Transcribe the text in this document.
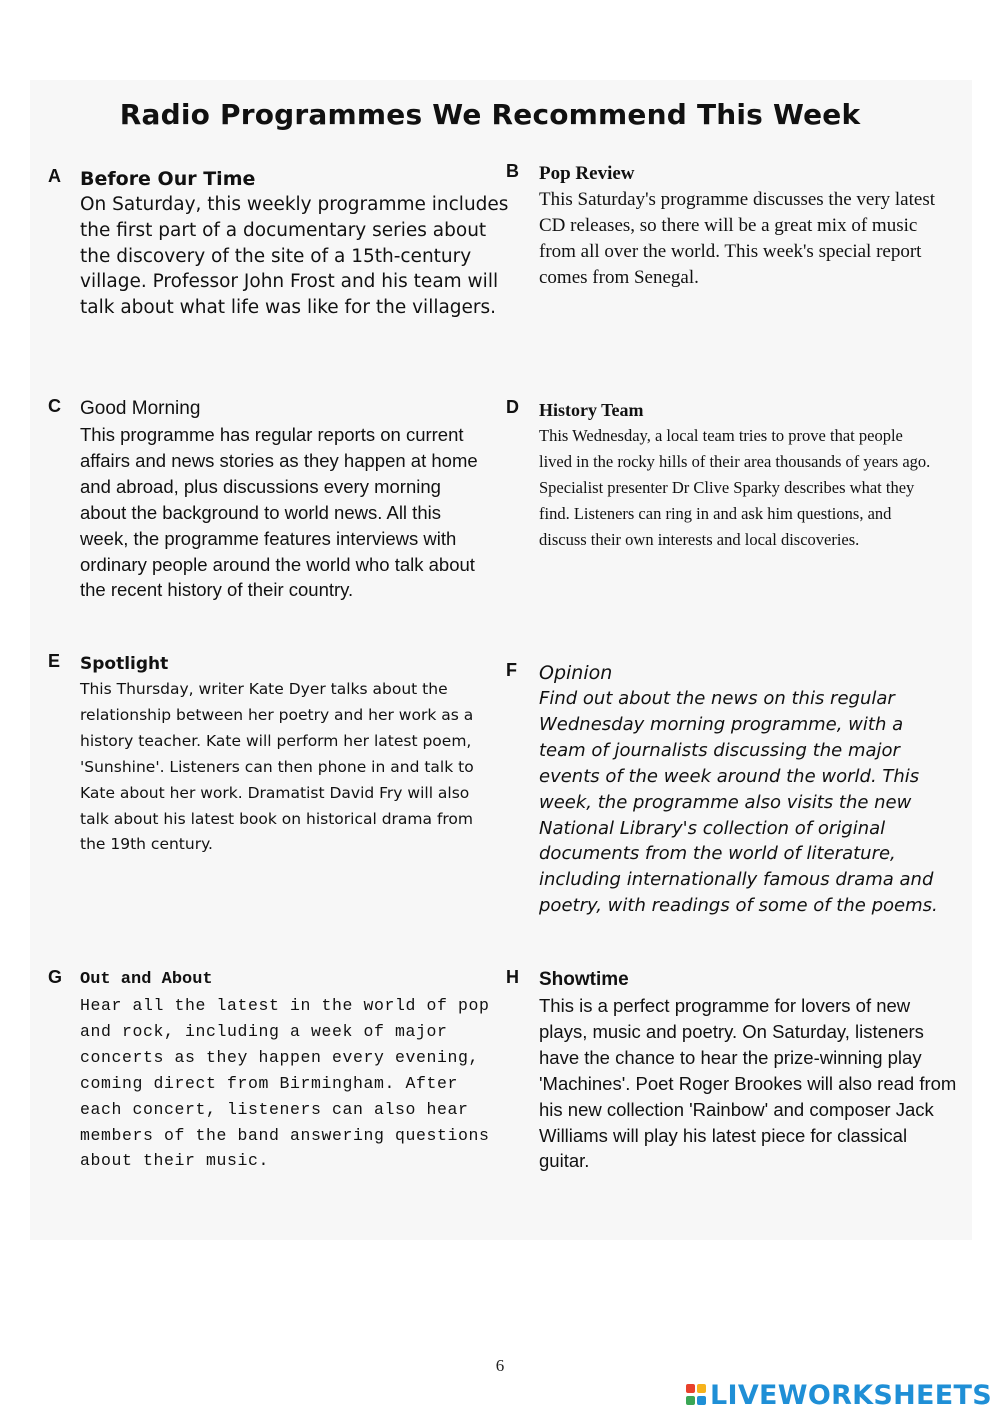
Radio Programmes We Recommend This Week
A Before Our Time

On Saturday, this weekly programme includes the first part of a documentary series about the discovery of the site of a 15th-century village. Professor John Frost and his team will talk about what life was like for the villagers.

B Pop Review

This Saturday's programme discusses the very latest CD releases, so there will be a great mix of music from all over the world. This week's special report comes from Senegal.

C Good Morning

This programme has regular reports on current affairs and news stories as they happen at home and abroad, plus discussions every morning about the background to world news. All this week, the programme features interviews with ordinary people around the world who talk about the recent history of their country.

D History Team

This Wednesday, a local team tries to prove that people lived in the rocky hills of their area thousands of years ago. Specialist presenter Dr Clive Sparky describes what they find. Listeners can ring in and ask him questions, and discuss their own interests and local discoveries.

E Spotlight

This Thursday, writer Kate Dyer talks about the relationship between her poetry and her work as a history teacher. Kate will perform her latest poem, 'Sunshine'. Listeners can then phone in and talk to Kate about her work. Dramatist David Fry will also talk about his latest book on historical drama from the 19th century.

F Opinion

Find out about the news on this regular Wednesday morning programme, with a team of journalists discussing the major events of the week around the world. This week, the programme also visits the new National Library's collection of original documents from the world of literature, including internationally famous drama and poetry, with readings of some of the poems.

G Out and About

Hear all the latest in the world of pop and rock, including a week of major concerts as they happen every evening, coming direct from Birmingham. After each concert, listeners can also hear members of the band answering questions about their music.

H Showtime

This is a perfect programme for lovers of new plays, music and poetry. On Saturday, listeners have the chance to hear the prize-winning play 'Machines'. Poet Roger Brookes will also read from his new collection 'Rainbow' and composer Jack Williams will play his latest piece for classical guitar.

6
LIVEWORKSHEETS
